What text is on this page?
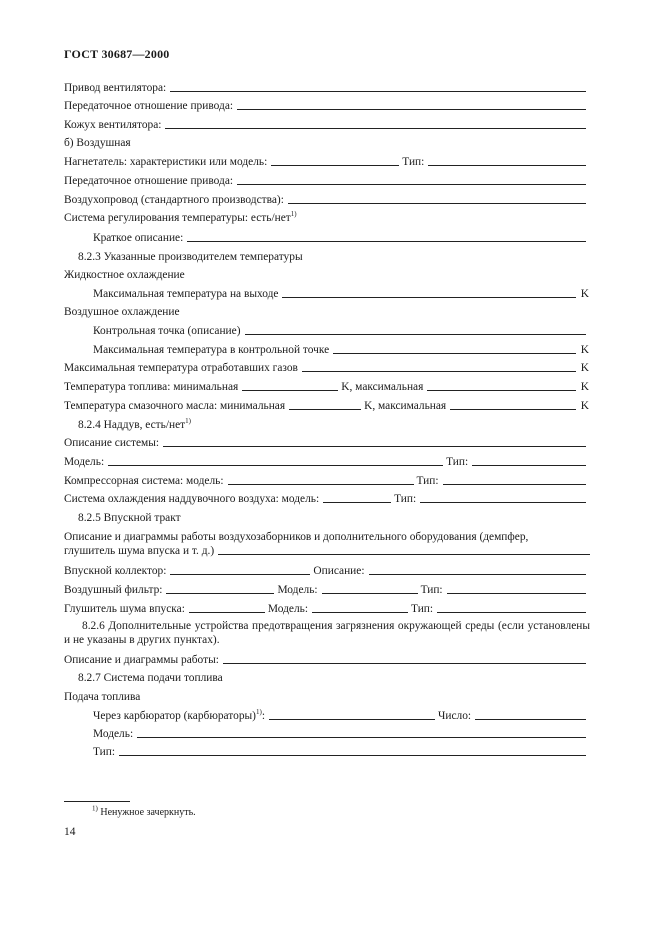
ГОСТ 30687—2000
Привод вентилятора:
Передаточное отношение привода:
Кожух вентилятора:
б) Воздушная
Нагнетатель: характеристики или модель:	Тип:
Передаточное отношение привода:
Воздухопровод (стандартного производства):
Система регулирования температуры: есть/нет$^{1)}$
Краткое описание:
8.2.3 Указанные производителем температуры
Жидкостное охлаждение
Максимальная температура на выходе	K
Воздушное охлаждение
Контрольная точка (описание)
Максимальная температура в контрольной точке	K
Максимальная температура отработавших газов	K
Температура топлива: минимальная	K, максимальная	K
Температура смазочного масла: минимальная	K, максимальная	K
8.2.4 Наддув, есть/нет$^{1)}$
Описание системы:
Модель:	Тип:
Компрессорная система: модель:	Тип:
Система охлаждения наддувочного воздуха: модель:	Тип:
8.2.5 Впускной тракт
Описание и диаграммы работы воздухозаборников и дополнительного оборудования (демпфер,
глушитель шума впуска и т. д.)
Впускной коллектор:	Описание:
Воздушный фильтр:	Модель:	Тип:
Глушитель шума впуска:	Модель:	Тип:
8.2.6 Дополнительные устройства предотвращения загрязнения окружающей среды (если установлены и не указаны в других пунктах).
Описание и диаграммы работы:
8.2.7 Система подачи топлива
Подача топлива
Через карбюратор (карбюраторы)$^{1)}$:	Число:
Модель:
Тип:
$^{1)}$ Ненужное зачеркнуть.
14
